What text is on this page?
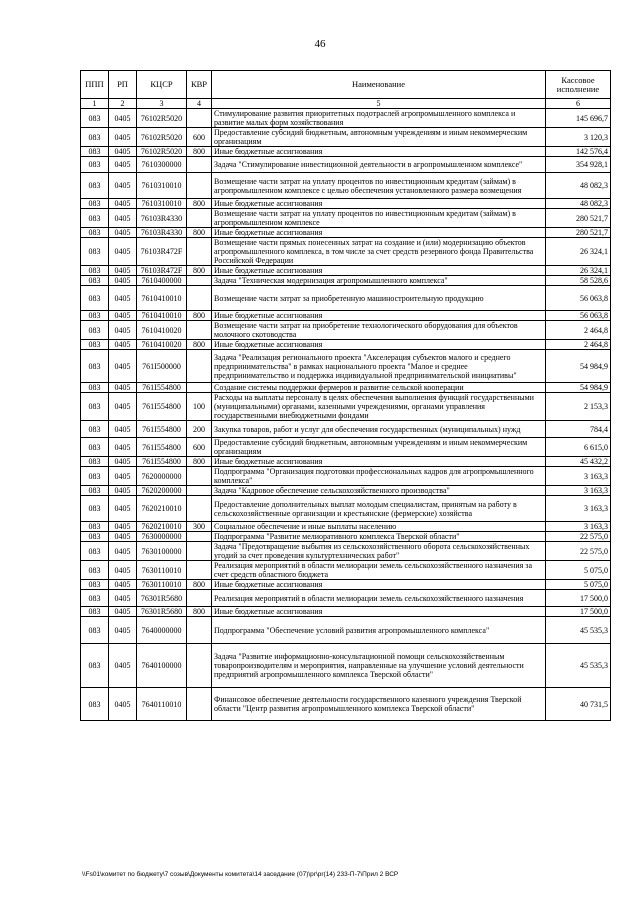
46
ППП	РП	КЦСР	КВР	Наименование	Кассовое исполнение
1	2	3	4	5	6
083	0405	76102R5020		Стимулирование развития приоритетных подотраслей агропромышленного комплекса и развитие малых форм хозяйствования	145 696,7
083	0405	76102R5020	600	Предоставление субсидий бюджетным, автономным учреждениям и иным некоммерческим организациям	3 120,3
083	0405	76102R5020	800	Иные бюджетные ассигнования	142 576,4
083	0405	7610300000		Задача "Стимулирование инвестиционной деятельности в агропромышленном комплексе"	354 928,1
083	0405	7610310010		Возмещение части затрат на уплату процентов по инвестиционным кредитам (займам) в агропромышленном комплексе с целью обеспечения установленного размера возмещения	48 082,3
083	0405	7610310010	800	Иные бюджетные ассигнования	48 082,3
083	0405	76103R4330		Возмещение части затрат на уплату процентов по инвестиционным кредитам (займам) в агропромышленном комплексе	280 521,7
083	0405	76103R4330	800	Иные бюджетные ассигнования	280 521,7
083	0405	76103R472F		Возмещение части прямых понесенных затрат на создание и (или) модернизацию объектов агропромышленного комплекса, в том числе за счет средств резервного фонда Правительства Российской Федерации	26 324,1
083	0405	76103R472F	800	Иные бюджетные ассигнования	26 324,1
083	0405	7610400000		Задача "Техническая модернизация агропромышленного комплекса"	58 528,6
083	0405	7610410010		Возмещение части затрат за приобретенную машиностроительную продукцию	56 063,8
083	0405	7610410010	800	Иные бюджетные ассигнования	56 063,8
083	0405	7610410020		Возмещение части затрат на приобретение технологического оборудования для объектов молочного скотоводства	2 464,8
083	0405	7610410020	800	Иные бюджетные ассигнования	2 464,8
083	0405	761I500000		Задача "Реализация регионального проекта "Акселерация субъектов малого и среднего предпринимательства" в рамках национального проекта "Малое и среднее предпринимательство и поддержка индивидуальной предпринимательской инициативы"	54 984,9
083	0405	761I554800		Создание системы поддержки фермеров и развитие сельской кооперации	54 984,9
083	0405	761I554800	100	Расходы на выплаты персоналу в целях обеспечения выполнения функций государственными (муниципальными) органами, казенными учреждениями, органами управления государственными внебюджетными фондами	2 153,3
083	0405	761I554800	200	Закупка товаров, работ и услуг для обеспечения государственных (муниципальных) нужд	784,4
083	0405	761I554800	600	Предоставление субсидий бюджетным, автономным учреждениям и иным некоммерческим организациям	6 615,0
083	0405	761I554800	800	Иные бюджетные ассигнования	45 432,2
083	0405	7620000000		Подпрограмма "Организация подготовки профессиональных кадров для агропромышленного комплекса"	3 163,3
083	0405	7620200000		Задача "Кадровое обеспечение сельскохозяйственного производства"	3 163,3
083	0405	7620210010		Предоставление дополнительных выплат молодым специалистам, принятым на работу в сельскохозяйственные организации и крестьянские (фермерские) хозяйства	3 163,3
083	0405	7620210010	300	Социальное обеспечение и иные выплаты населению	3 163,3
083	0405	7630000000		Подпрограмма "Развитие мелиоративного комплекса Тверской области"	22 575,0
083	0405	7630100000		Задача "Предотвращение выбытия из сельскохозяйственного оборота сельскохозяйственных угодий за счет проведения культуртехнических работ"	22 575,0
083	0405	7630110010		Реализация мероприятий в области мелиорации земель сельскохозяйственного назначения за счет средств областного бюджета	5 075,0
083	0405	7630110010	800	Иные бюджетные ассигнования	5 075,0
083	0405	76301R5680		Реализация мероприятий в области мелиорации земель сельскохозяйственного назначения	17 500,0
083	0405	76301R5680	800	Иные бюджетные ассигнования	17 500,0
083	0405	7640000000		Подпрограмма "Обеспечение условий развития агропромышленного комплекса"	45 535,3
083	0405	7640100000		Задача "Развитие информационно-консультационной помощи сельскохозяйственным товаропроизводителям и мероприятия, направленные на улучшение условий деятельности предприятий агропромышленного комплекса Тверской области"	45 535,3
083	0405	7640110010		Финансовое обеспечение деятельности государственного казенного учреждения Тверской области "Центр развития агропромышленного комплекса Тверской области"	40 731,5
\\Fs01\комитет по бюджету\7 созыв\Документы комитета\14 заседание (07)\pr\pr(14) 233-П-7\Прил 2 ВСР
